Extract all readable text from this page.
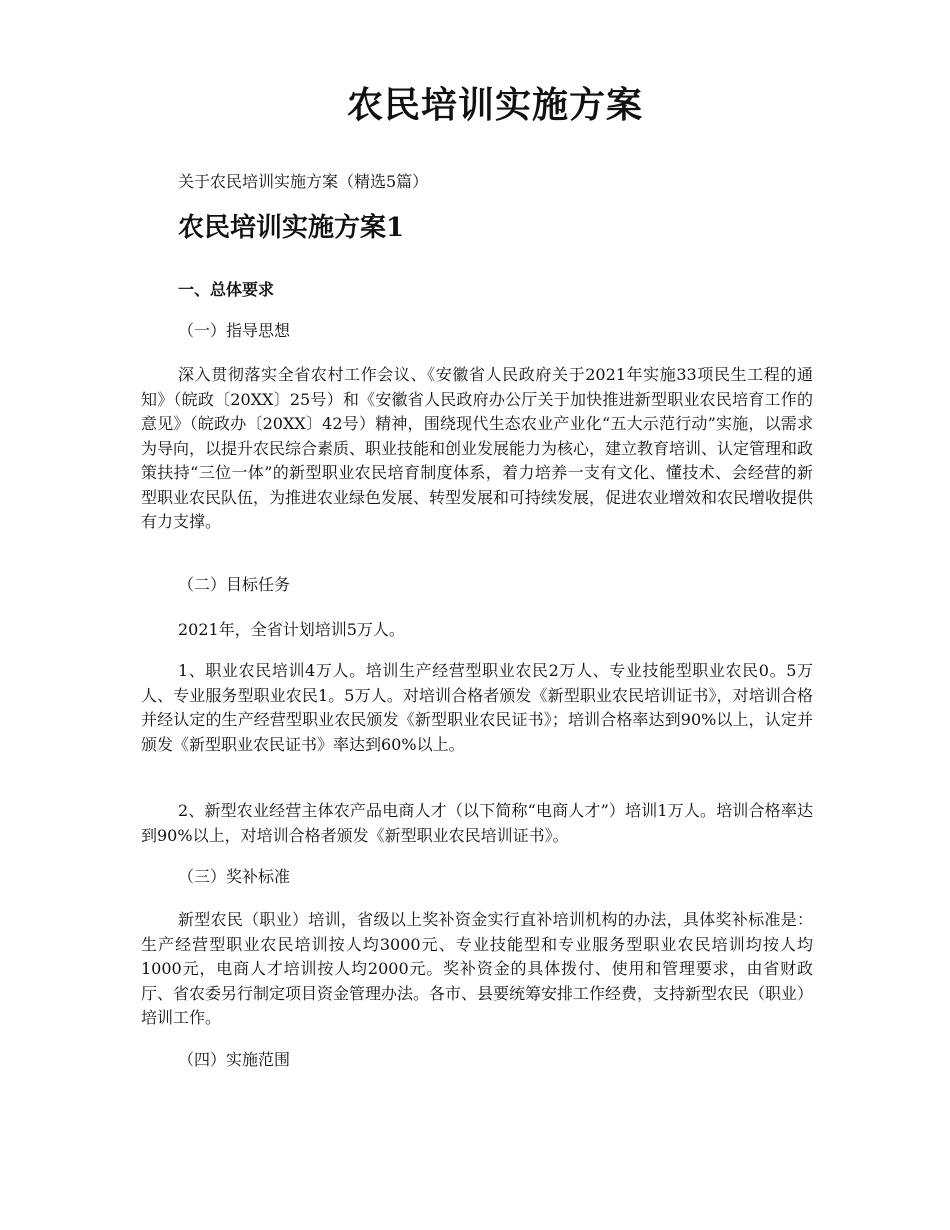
农民培训实施方案

关于农民培训实施方案（精选5篇）

农民培训实施方案1

一、总体要求

（一）指导思想

深入贯彻落实全省农村工作会议、《安徽省人民政府关于2021年实施33项民生工程的通知》（皖政〔20XX〕25号）和《安徽省人民政府办公厅关于加快推进新型职业农民培育工作的意见》（皖政办〔20XX〕42号）精神，围绕现代生态农业产业化“五大示范行动”实施，以需求为导向，以提升农民综合素质、职业技能和创业发展能力为核心，建立教育培训、认定管理和政策扶持“三位一体”的新型职业农民培育制度体系，着力培养一支有文化、懂技术、会经营的新型职业农民队伍，为推进农业绿色发展、转型发展和可持续发展，促进农业增效和农民增收提供有力支撑。

（二）目标任务

2021年，全省计划培训5万人。

1、职业农民培训4万人。培训生产经营型职业农民2万人、专业技能型职业农民0。5万人、专业服务型职业农民1。5万人。对培训合格者颁发《新型职业农民培训证书》，对培训合格并经认定的生产经营型职业农民颁发《新型职业农民证书》；培训合格率达到90%以上，认定并颁发《新型职业农民证书》率达到60%以上。

2、新型农业经营主体农产品电商人才（以下简称“电商人才”）培训1万人。培训合格率达到90%以上，对培训合格者颁发《新型职业农民培训证书》。

（三）奖补标准

新型农民（职业）培训，省级以上奖补资金实行直补培训机构的办法，具体奖补标准是：生产经营型职业农民培训按人均3000元、专业技能型和专业服务型职业农民培训均按人均1000元，电商人才培训按人均2000元。奖补资金的具体拨付、使用和管理要求，由省财政厅、省农委另行制定项目资金管理办法。各市、县要统筹安排工作经费，支持新型农民（职业）培训工作。

（四）实施范围
